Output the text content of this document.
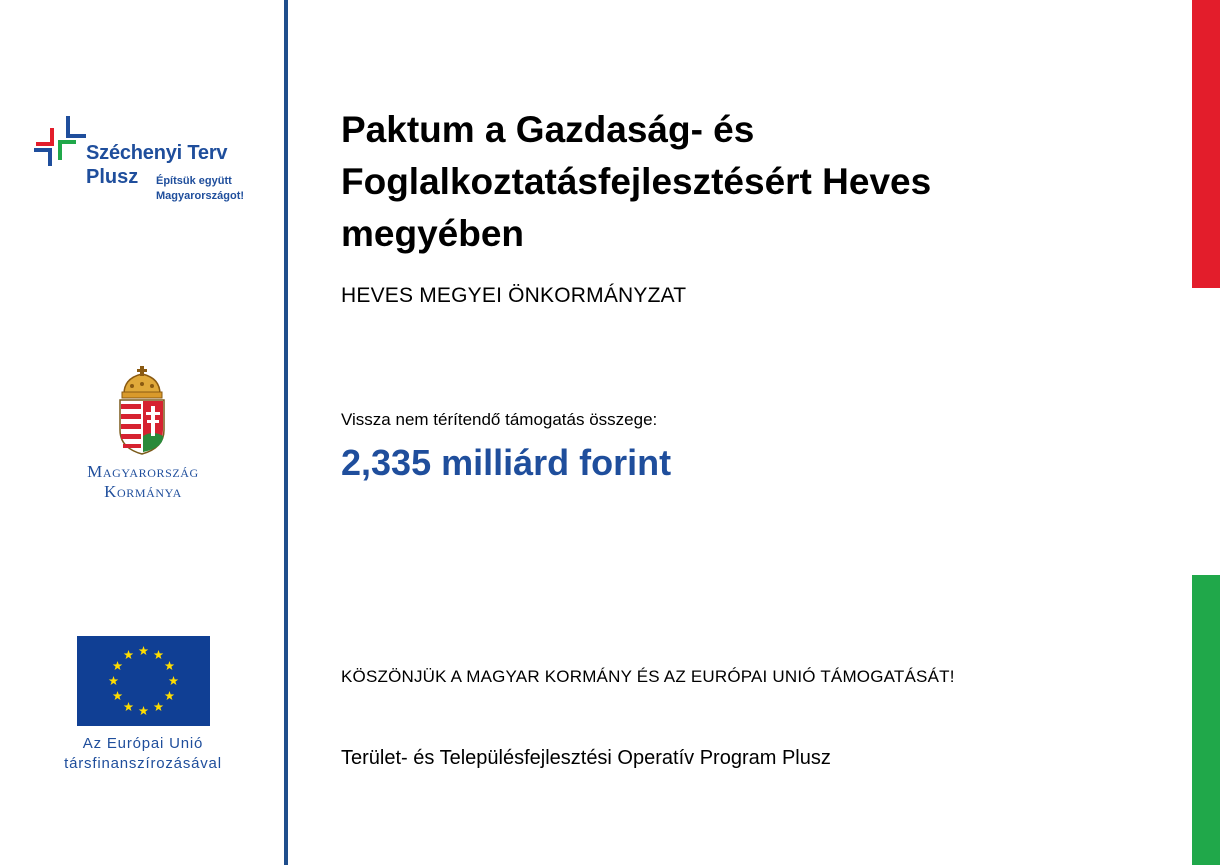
Széchenyi Terv
Plusz Építsük együtt
Magyarországot!
Magyarország
Kormánya
Az Európai Unió
társfinanszírozásával
Paktum a Gazdaság- és Foglalkoztatásfejlesztésért Heves megyében
HEVES MEGYEI ÖNKORMÁNYZAT
Vissza nem térítendő támogatás összege:
2,335 milliárd forint
KÖSZÖNJÜK A MAGYAR KORMÁNY ÉS AZ EURÓPAI UNIÓ TÁMOGATÁSÁT!
Terület- és Településfejlesztési Operatív Program Plusz
